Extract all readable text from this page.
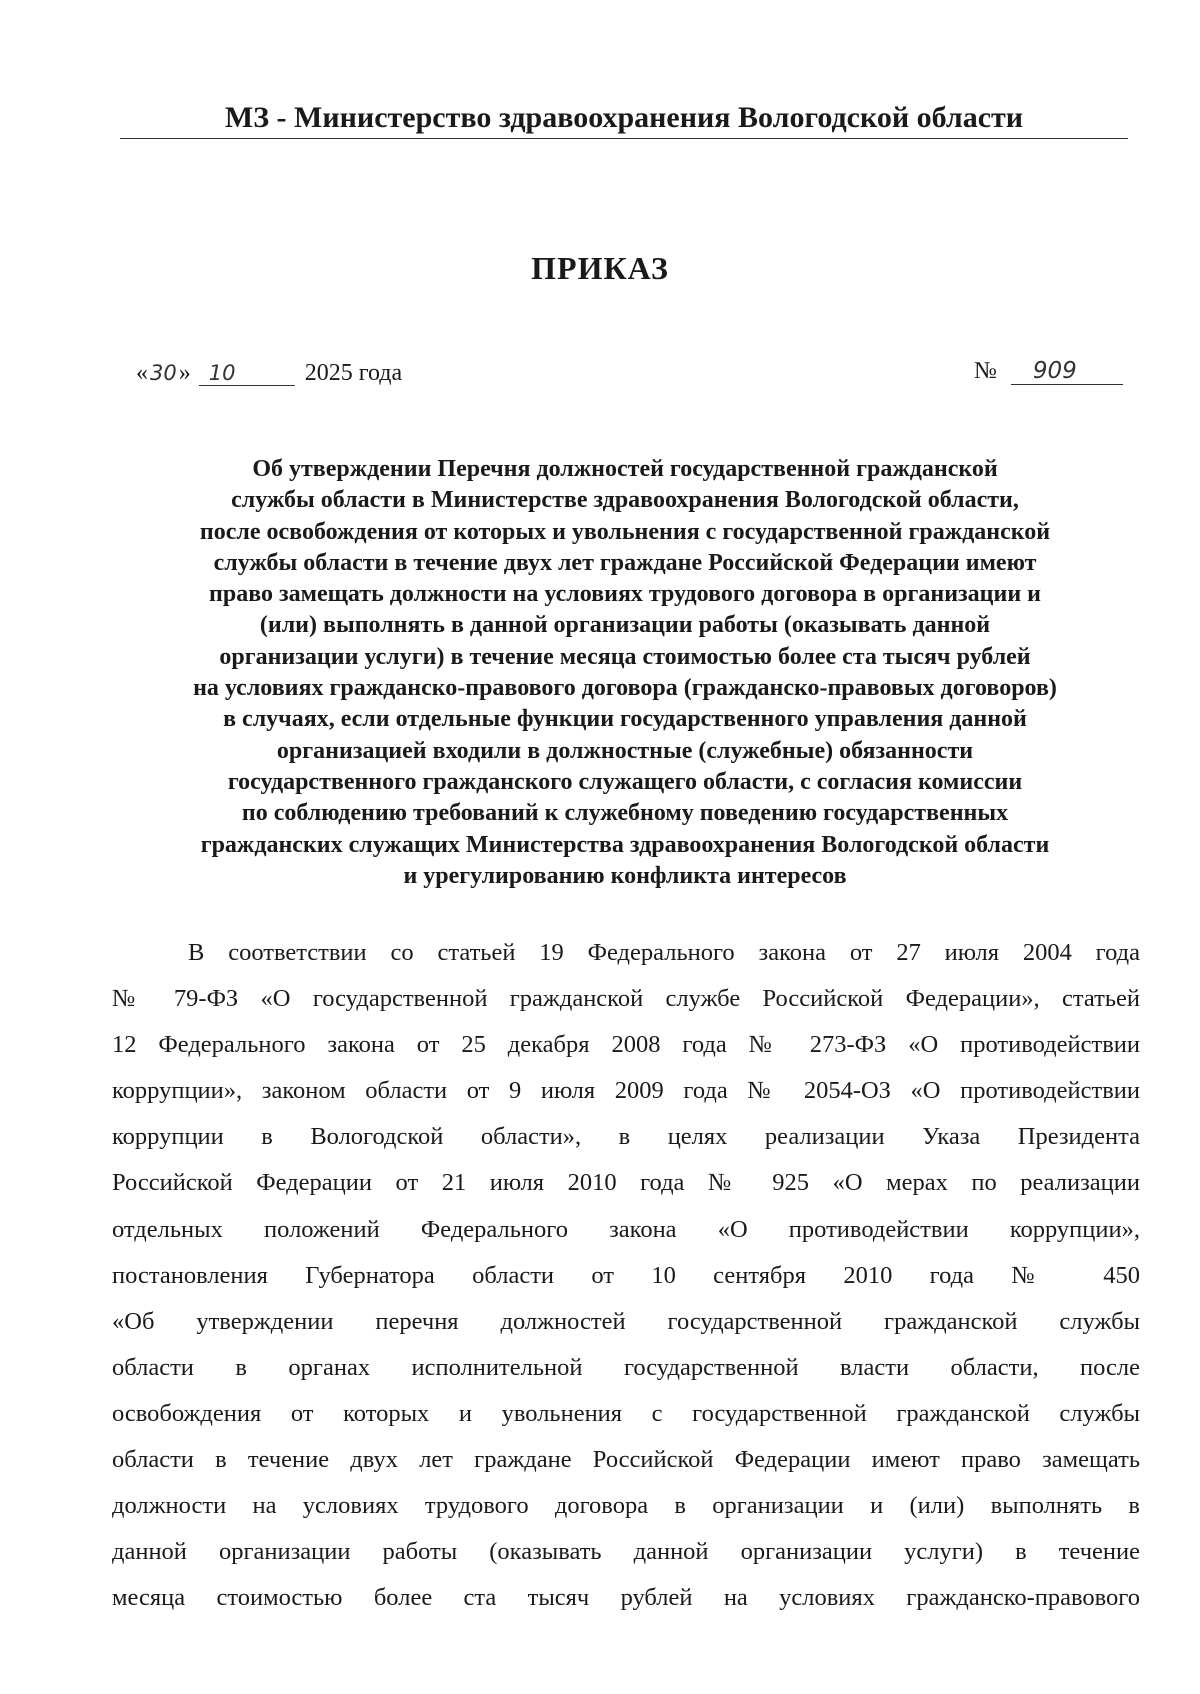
МЗ - Министерство здравоохранения Вологодской области
ПРИКАЗ
« 30 » 10	2025 года	№	909

Об утверждении Перечня должностей государственной гражданской
службы области в Министерстве здравоохранения Вологодской области,
после освобождения от которых и увольнения с государственной гражданской
службы области в течение двух лет граждане Российской Федерации имеют
право замещать должности на условиях трудового договора в организации и
(или) выполнять в данной организации работы (оказывать данной
организации услуги) в течение месяца стоимостью более ста тысяч рублей
на условиях гражданско-правового договора (гражданско-правовых договоров)
в случаях, если отдельные функции государственного управления данной
организацией входили в должностные (служебные) обязанности
государственного гражданского служащего области, с согласия комиссии
по соблюдению требований к служебному поведению государственных
гражданских служащих Министерства здравоохранения Вологодской области
и урегулированию конфликта интересов

В соответствии со статьей 19 Федерального закона от 27 июля 2004 года
№ 79-ФЗ «О государственной гражданской службе Российской Федерации», статьей
12 Федерального закона от 25 декабря 2008 года № 273-ФЗ «О противодействии
коррупции», законом области от 9 июля 2009 года № 2054-ОЗ «О противодействии
коррупции в Вологодской области», в целях реализации Указа Президента
Российской Федерации от 21 июля 2010 года № 925 «О мерах по реализации
отдельных положений Федерального закона «О противодействии коррупции»,
постановления Губернатора области от 10 сентября 2010 года № 450
«Об утверждении перечня должностей государственной гражданской службы
области в органах исполнительной государственной власти области, после
освобождения от которых и увольнения с государственной гражданской службы
области в течение двух лет граждане Российской Федерации имеют право замещать
должности на условиях трудового договора в организации и (или) выполнять в
данной организации работы (оказывать данной организации услуги) в течение
месяца стоимостью более ста тысяч рублей на условиях гражданско-правового
